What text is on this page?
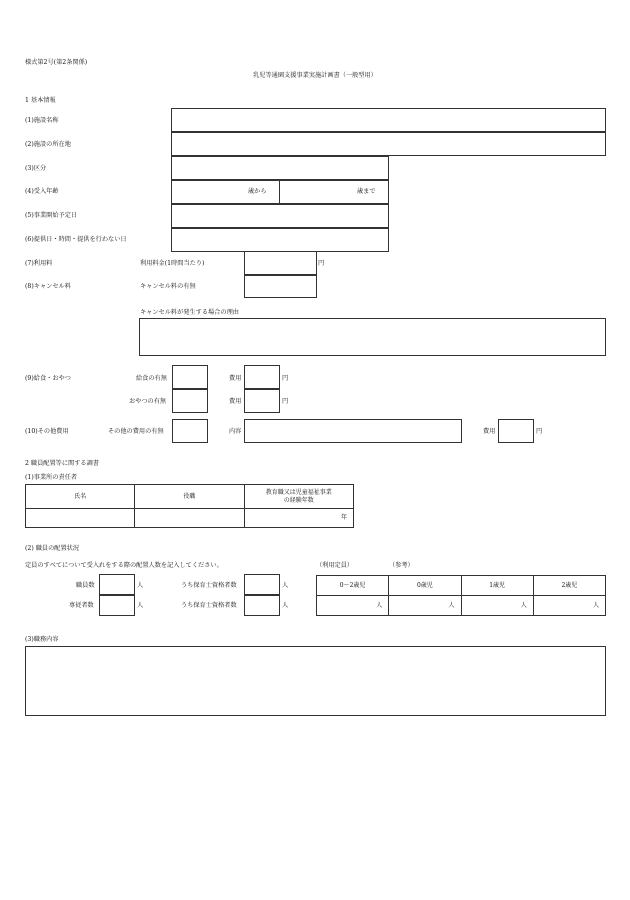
様式第2号(第2条関係)
乳児等通園支援事業実施計画書（一般型用）
1 基本情報
(1)施設名称
(2)施設の所在地
(3)区分
(4)受入年齢	歳から	歳まで
(5)事業開始予定日
(6)提供日・時間・提供を行わない日
(7)利用料	利用料金(1時間当たり)	円
(8)キャンセル料	キャンセル料の有無
キャンセル料が発生する場合の理由
(9)給食・おやつ	給食の有無	費用	円
おやつの有無	費用	円
(10)その他費用	その他の費用の有無	内容	費用	円
2 職員配置等に関する調書
(1)事業所の責任者
氏名	役職	教育職又は児童福祉事業
の経験年数
		年
(2) 職員の配置状況
定員のすべてについて受入れをする際の配置人数を記入してください。	（利用定員）	（参考）
職員数	人	うち保育士資格者数	人
専従者数	人	うち保育士資格者数	人
0～2歳児	0歳児	1歳児	2歳児
人	人	人	人
(3)職務内容
